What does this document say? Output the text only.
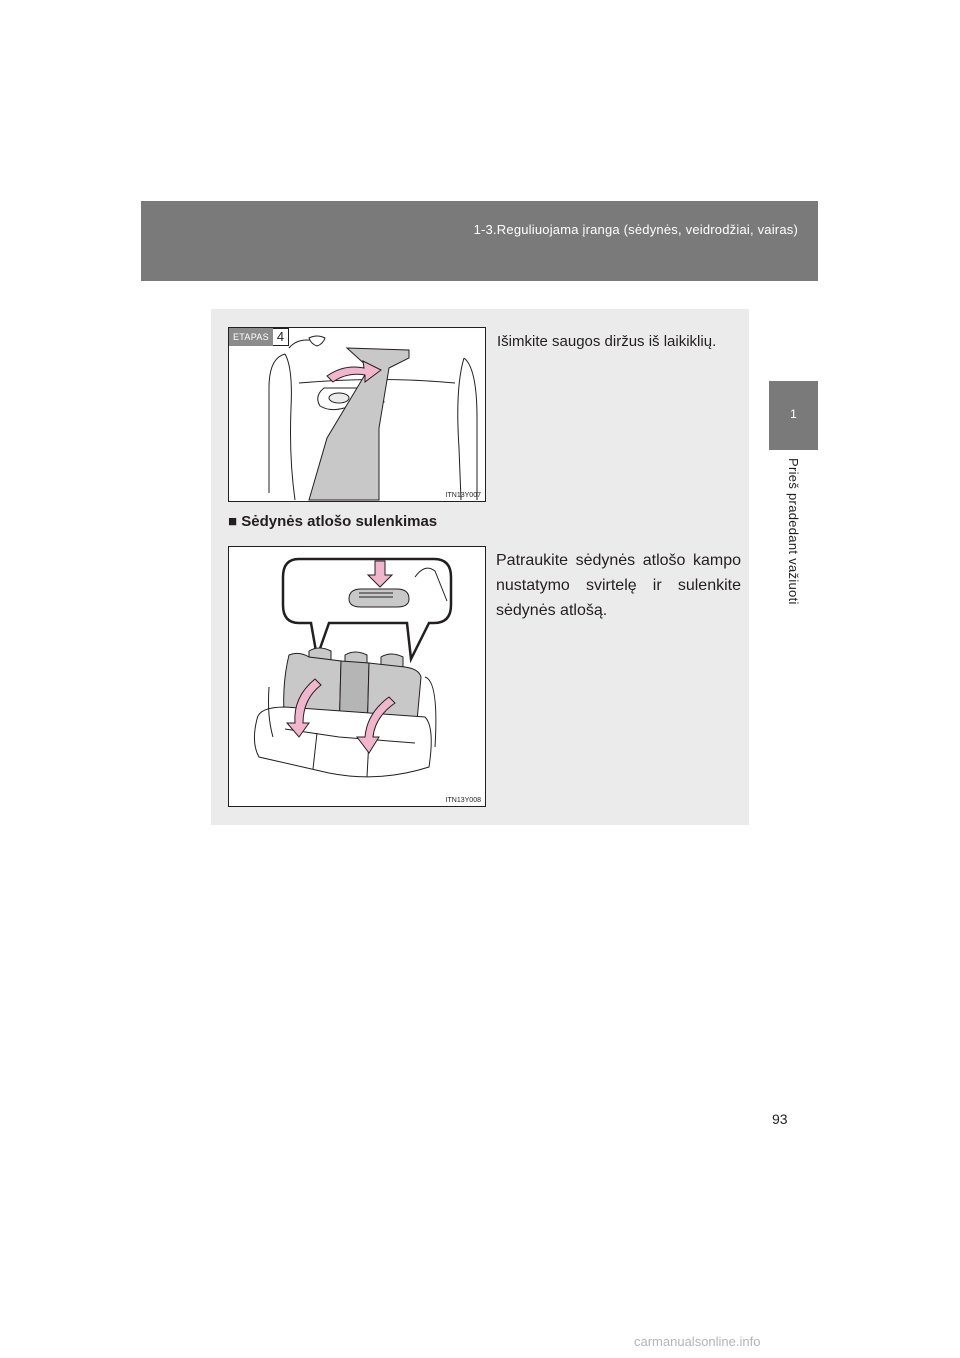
1-3.Reguliuojama įranga (sėdynės, veidrodžiai, vairas)
1
Prieš pradedant važiuoti
ETAPAS 4
ITN13Y007

Išimkite saugos diržus iš laikiklių.

■ Sėdynės atlošo sulenkimas
ITN13Y008

Patraukite sėdynės atlošo kampo nustatymo svirtelę ir sulenkite sėdynės atlošą.

93
carmanualsonline.info
